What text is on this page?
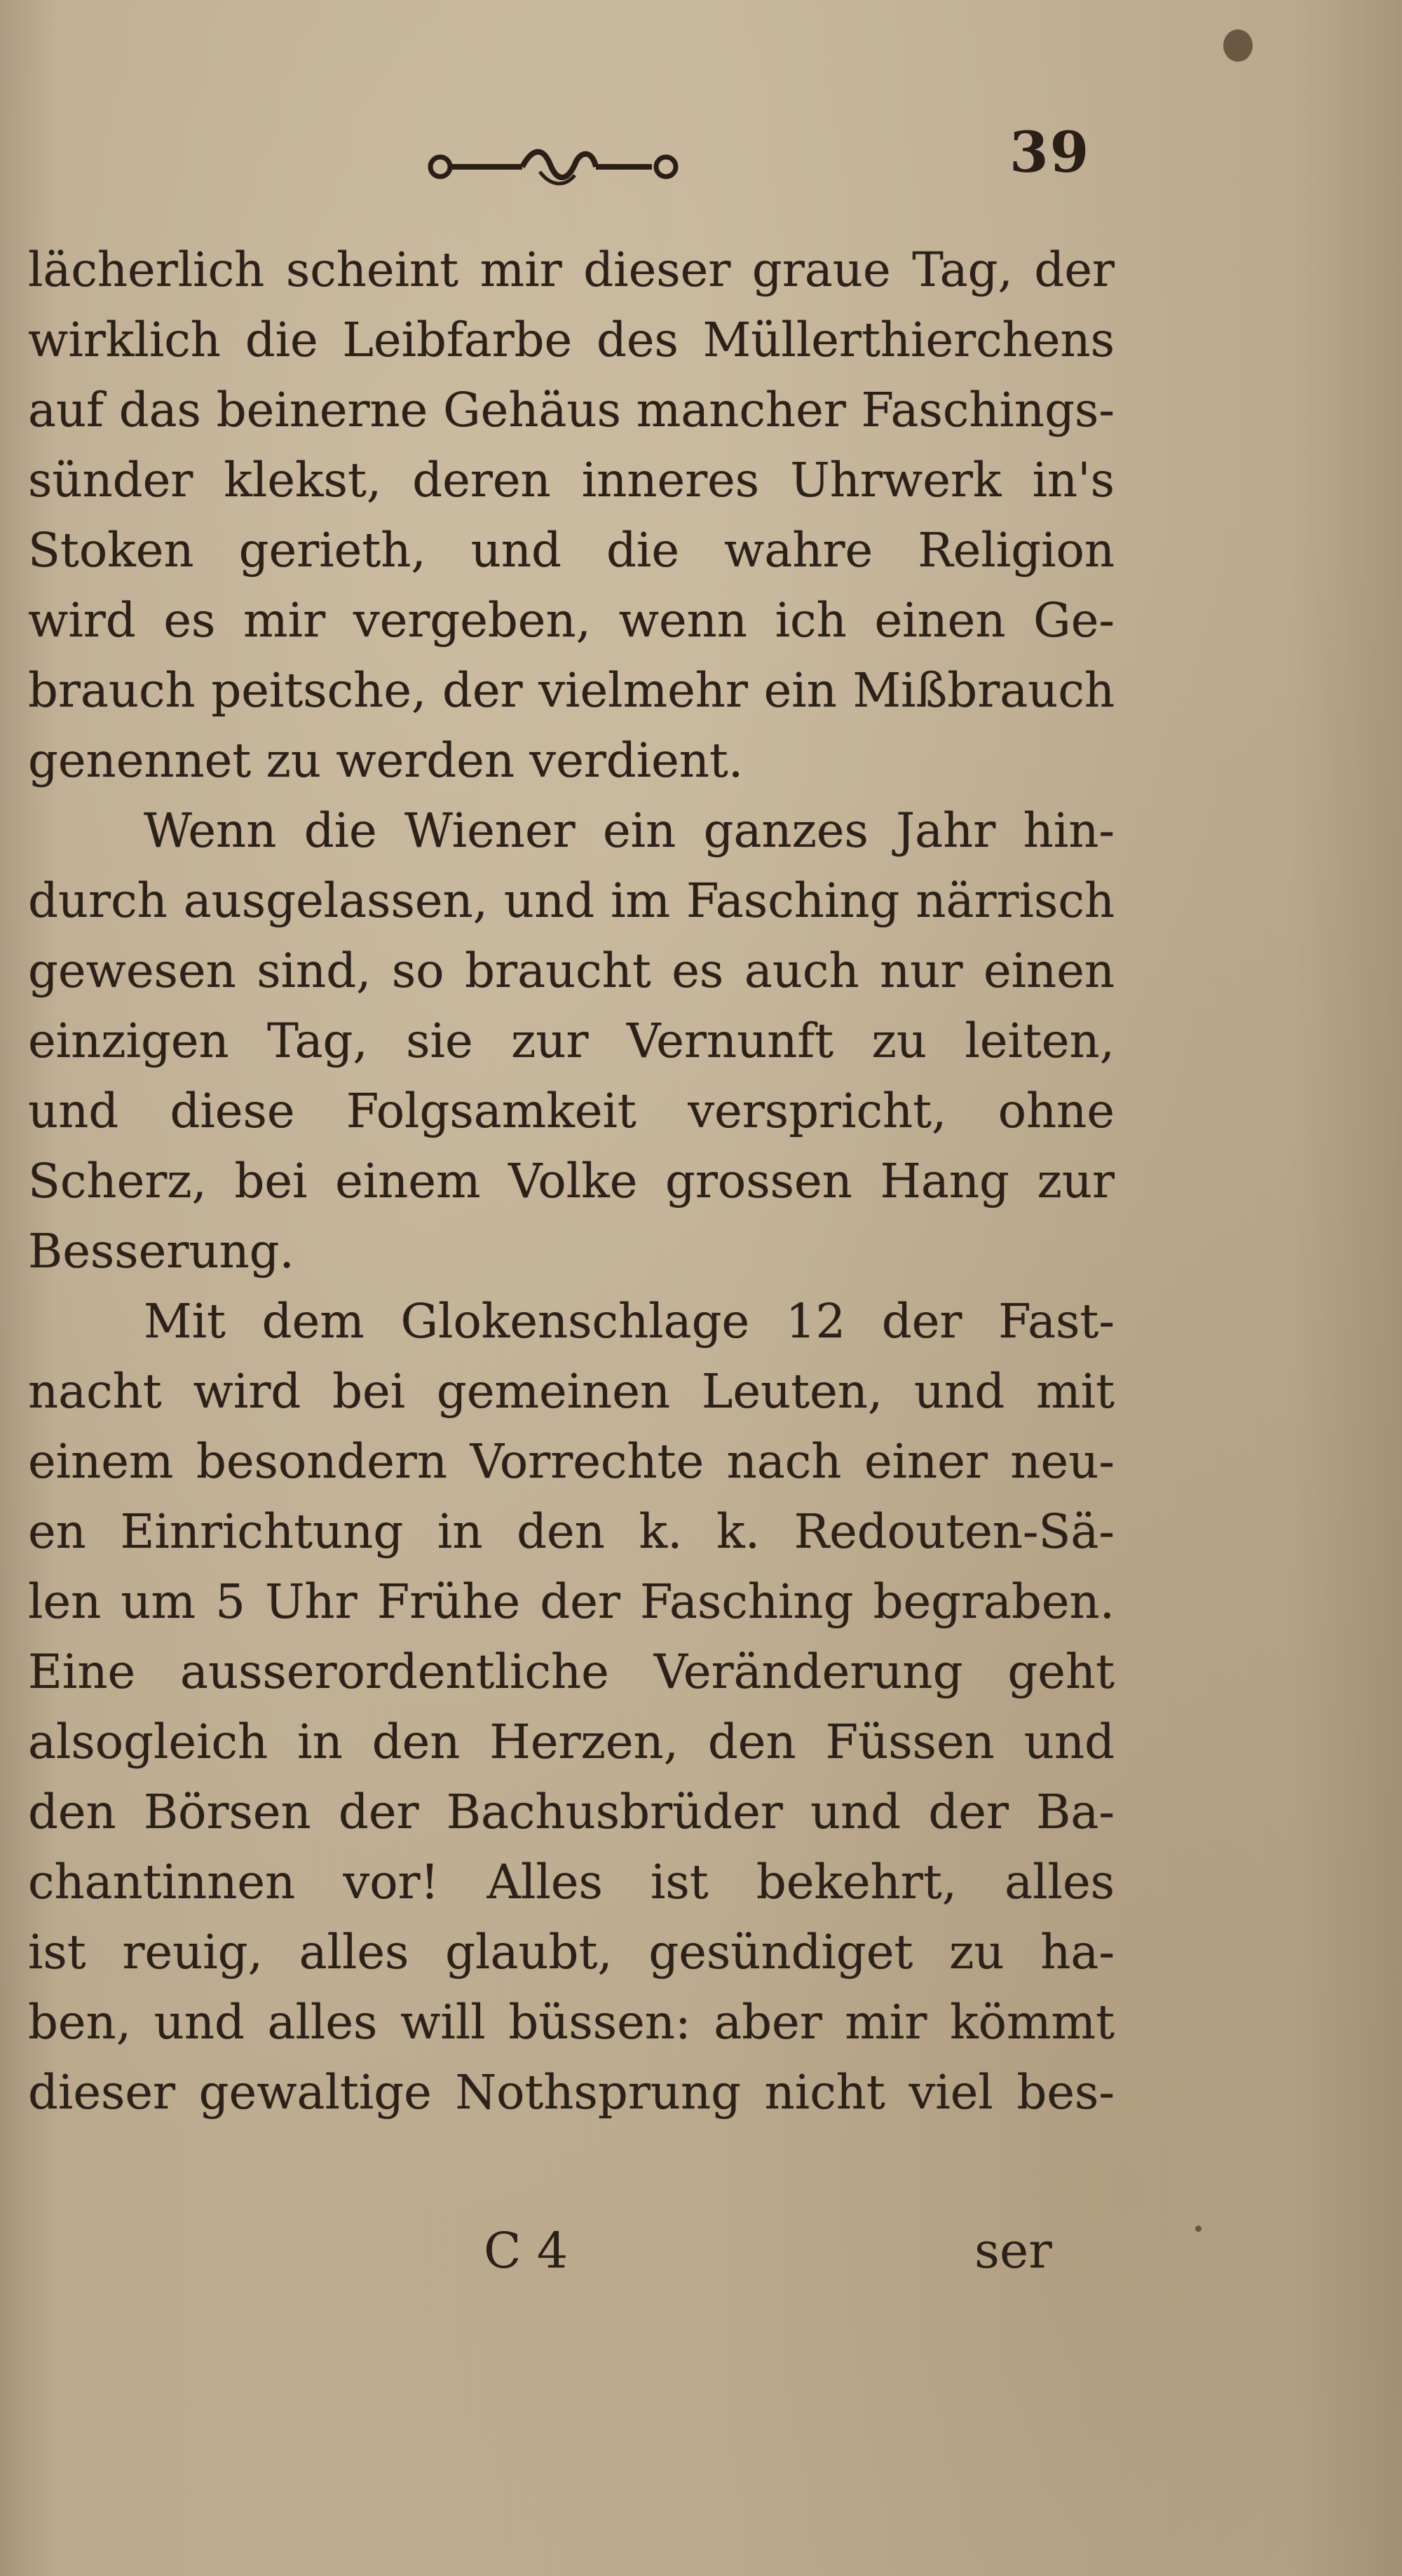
39
lächerlich scheint mir dieser graue Tag, der
wirklich die Leibfarbe des Müllerthierchens
auf das beinerne Gehäus mancher Faschings-
sünder klekst, deren inneres Uhrwerk in's
Stoken gerieth, und die wahre Religion
wird es mir vergeben, wenn ich einen Ge-
brauch peitsche, der vielmehr ein Mißbrauch
genennet zu werden verdient.
Wenn die Wiener ein ganzes Jahr hin-
durch ausgelassen, und im Fasching närrisch
gewesen sind, so braucht es auch nur einen
einzigen Tag, sie zur Vernunft zu leiten,
und diese Folgsamkeit verspricht, ohne
Scherz, bei einem Volke grossen Hang zur
Besserung.
Mit dem Glokenschlage 12 der Fast-
nacht wird bei gemeinen Leuten, und mit
einem besondern Vorrechte nach einer neu-
en Einrichtung in den k. k. Redouten-Sä-
len um 5 Uhr Frühe der Fasching begraben.
Eine ausserordentliche Veränderung geht
alsogleich in den Herzen, den Füssen und
den Börsen der Bachusbrüder und der Ba-
chantinnen vor! Alles ist bekehrt, alles
ist reuig, alles glaubt, gesündiget zu ha-
ben, und alles will büssen: aber mir kömmt
dieser gewaltige Nothsprung nicht viel bes-
C 4	ser
